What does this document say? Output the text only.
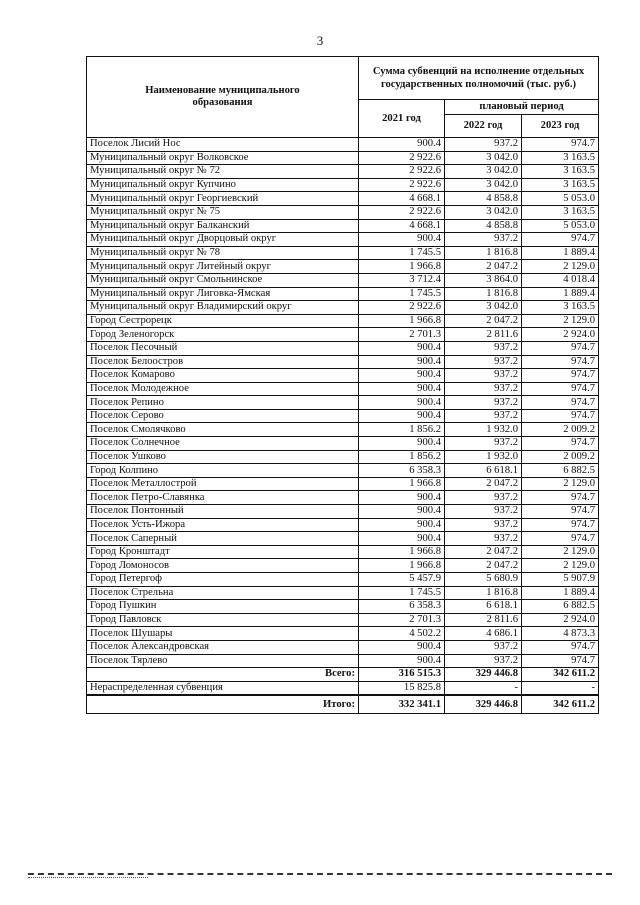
3
Наименование муниципального образования	Сумма субвенций на исполнение отдельных государственных полномочий (тыс. руб.)		
	2021 год	плановый период	
		2022 год	2023 год
Поселок Лисий Нос	900.4	937.2	974.7
Муниципальный округ Волковское	2 922.6	3 042.0	3 163.5
Муниципальный округ № 72	2 922.6	3 042.0	3 163.5
Муниципальный округ Купчино	2 922.6	3 042.0	3 163.5
Муниципальный округ Георгиевский	4 668.1	4 858.8	5 053.0
Муниципальный округ № 75	2 922.6	3 042.0	3 163.5
Муниципальный округ Балканский	4 668.1	4 858.8	5 053.0
Муниципальный округ Дворцовый округ	900.4	937.2	974.7
Муниципальный округ № 78	1 745.5	1 816.8	1 889.4
Муниципальный округ Литейный округ	1 966.8	2 047.2	2 129.0
Муниципальный округ Смольнинское	3 712.4	3 864.0	4 018.4
Муниципальный округ Лиговка-Ямская	1 745.5	1 816.8	1 889.4
Муниципальный округ Владимирский округ	2 922.6	3 042.0	3 163.5
Город Сестрорецк	1 966.8	2 047.2	2 129.0
Город Зеленогорск	2 701.3	2 811.6	2 924.0
Поселок Песочный	900.4	937.2	974.7
Поселок Белоостров	900.4	937.2	974.7
Поселок Комарово	900.4	937.2	974.7
Поселок Молодежное	900.4	937.2	974.7
Поселок Репино	900.4	937.2	974.7
Поселок Серово	900.4	937.2	974.7
Поселок Смолячково	1 856.2	1 932.0	2 009.2
Поселок Солнечное	900.4	937.2	974.7
Поселок Ушково	1 856.2	1 932.0	2 009.2
Город Колпино	6 358.3	6 618.1	6 882.5
Поселок Металлострой	1 966.8	2 047.2	2 129.0
Поселок Петро-Славянка	900.4	937.2	974.7
Поселок Понтонный	900.4	937.2	974.7
Поселок Усть-Ижора	900.4	937.2	974.7
Поселок Саперный	900.4	937.2	974.7
Город Кронштадт	1 966.8	2 047.2	2 129.0
Город Ломоносов	1 966.8	2 047.2	2 129.0
Город Петергоф	5 457.9	5 680.9	5 907.9
Поселок Стрельна	1 745.5	1 816.8	1 889.4
Город Пушкин	6 358.3	6 618.1	6 882.5
Город Павловск	2 701.3	2 811.6	2 924.0
Поселок Шушары	4 502.2	4 686.1	4 873.3
Поселок Александровская	900.4	937.2	974.7
Поселок Тярлево	900.4	937.2	974.7
Всего:	316 515.3	329 446.8	342 611.2
Нераспределенная субвенция	15 825.8	-	-
Итого:	332 341.1	329 446.8	342 611.2
